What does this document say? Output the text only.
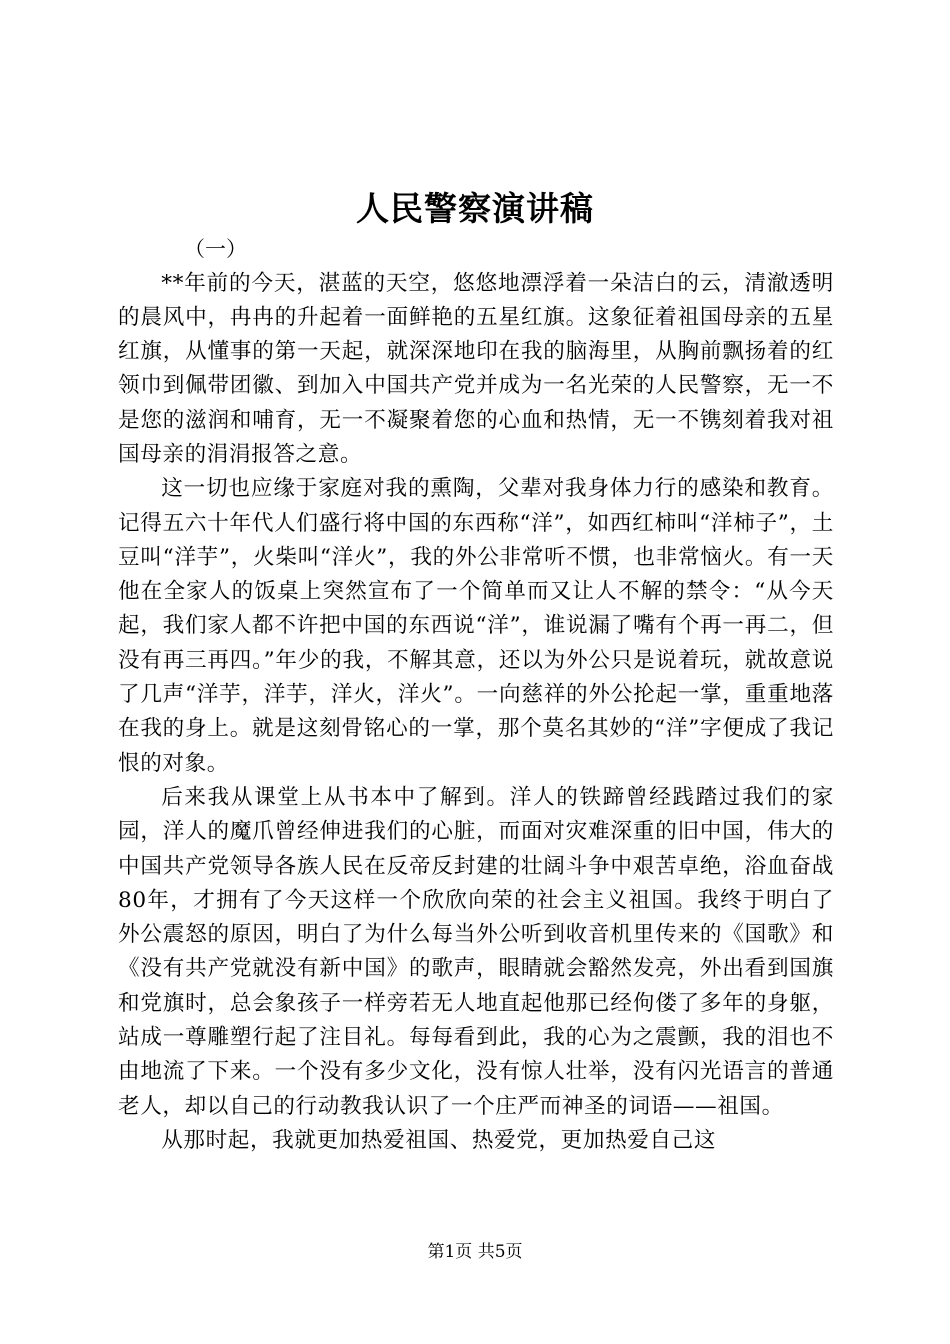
人民警察演讲稿

（一）

**年前的今天，湛蓝的天空，悠悠地漂浮着一朵洁白的云，清澈透明的晨风中，冉冉的升起着一面鲜艳的五星红旗。这象征着祖国母亲的五星红旗，从懂事的第一天起，就深深地印在我的脑海里，从胸前飘扬着的红领巾到佩带团徽、到加入中国共产党并成为一名光荣的人民警察，无一不是您的滋润和哺育，无一不凝聚着您的心血和热情，无一不镌刻着我对祖国母亲的涓涓报答之意。

这一切也应缘于家庭对我的熏陶，父辈对我身体力行的感染和教育。记得五六十年代人们盛行将中国的东西称“洋”，如西红柿叫“洋柿子”，土豆叫“洋芋”，火柴叫“洋火”，我的外公非常听不惯，也非常恼火。有一天他在全家人的饭桌上突然宣布了一个简单而又让人不解的禁令：“从今天起，我们家人都不许把中国的东西说“洋”，谁说漏了嘴有个再一再二，但没有再三再四。”年少的我，不解其意，还以为外公只是说着玩，就故意说了几声“洋芋，洋芋，洋火，洋火”。一向慈祥的外公抡起一掌，重重地落在我的身上。就是这刻骨铭心的一掌，那个莫名其妙的“洋”字便成了我记恨的对象。

后来我从课堂上从书本中了解到。洋人的铁蹄曾经践踏过我们的家园，洋人的魔爪曾经伸进我们的心脏，而面对灾难深重的旧中国，伟大的中国共产党领导各族人民在反帝反封建的壮阔斗争中艰苦卓绝，浴血奋战80年，才拥有了今天这样一个欣欣向荣的社会主义祖国。我终于明白了外公震怒的原因，明白了为什么每当外公听到收音机里传来的《国歌》和《没有共产党就没有新中国》的歌声，眼睛就会豁然发亮，外出看到国旗和党旗时，总会象孩子一样旁若无人地直起他那已经佝偻了多年的身躯，站成一尊雕塑行起了注目礼。每每看到此，我的心为之震颤，我的泪也不由地流了下来。一个没有多少文化，没有惊人壮举，没有闪光语言的普通老人，却以自己的行动教我认识了一个庄严而神圣的词语——祖国。

从那时起，我就更加热爱祖国、热爱党，更加热爱自己这

第1页 共5页
